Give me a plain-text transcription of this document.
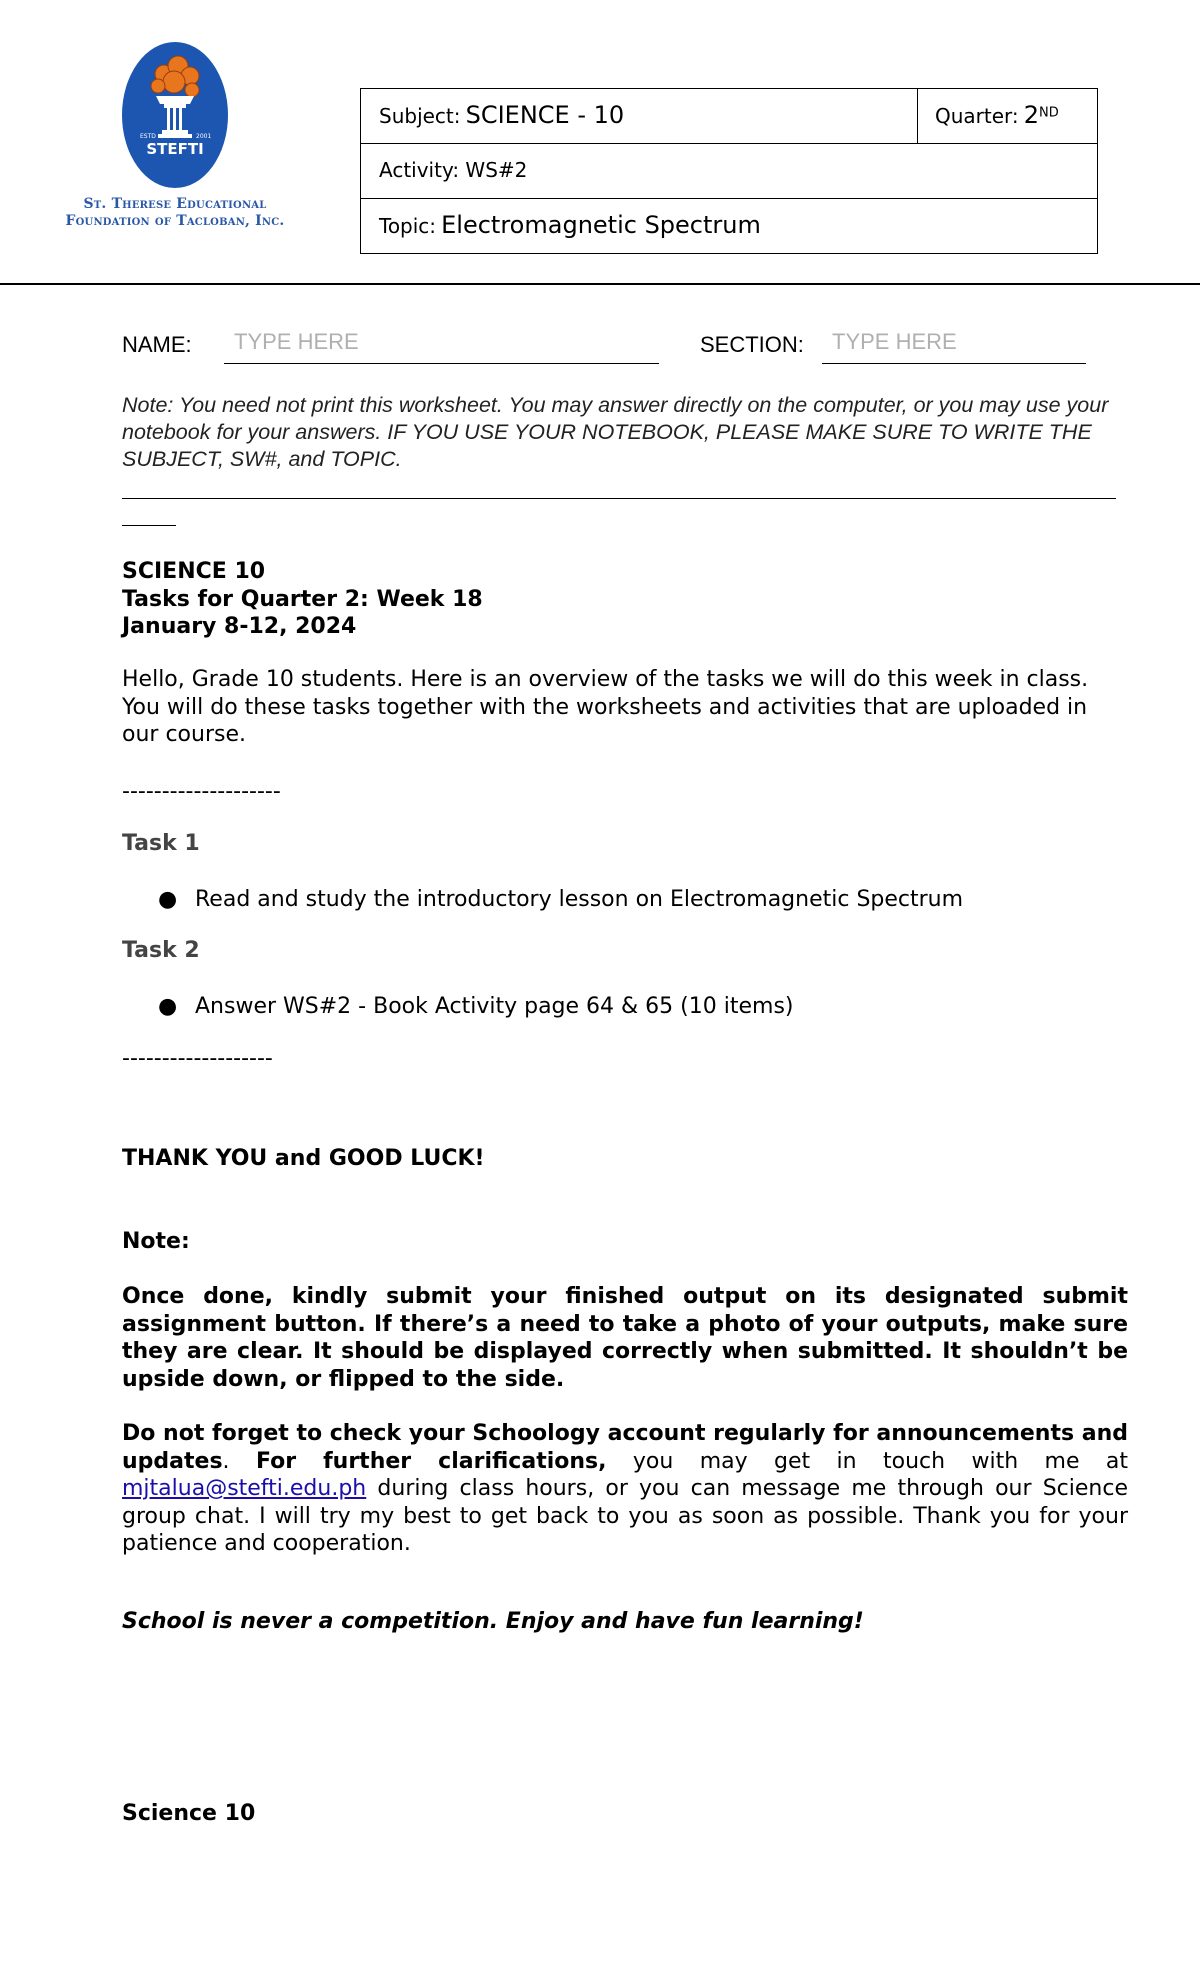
ESTD	2001
STEFTI
St. Therese Educational
Foundation of Tacloban, Inc.
Subject: SCIENCE - 10	Quarter: 2ND
Activity: WS#2
Topic: Electromagnetic Spectrum
NAME:
TYPE HERE	SECTION:
TYPE HERE
Note: You need not print this worksheet. You may answer directly on the computer, or you may use your notebook for your answers. IF YOU USE YOUR NOTEBOOK, PLEASE MAKE SURE TO WRITE THE SUBJECT, SW#, and TOPIC.
SCIENCE 10
Tasks for Quarter 2: Week 18
January 8-12, 2024
Hello, Grade 10 students. Here is an overview of the tasks we will do this week in class. You will do these tasks together with the worksheets and activities that are uploaded in our course.
--------------------
Task 1
● Read and study the introductory lesson on Electromagnetic Spectrum
Task 2
● Answer WS#2 - Book Activity page 64 & 65 (10 items)
-------------------
THANK YOU and GOOD LUCK!
Note:
Once done, kindly submit your finished output on its designated submit assignment button. If there’s a need to take a photo of your outputs, make sure they are clear. It should be displayed correctly when submitted. It shouldn’t be upside down, or flipped to the side.
Do not forget to check your Schoology account regularly for announcements and updates. For further clarifications, you may get in touch with me at mjtalua@stefti.edu.ph during class hours, or you can message me through our Science group chat. I will try my best to get back to you as soon as possible. Thank you for your patience and cooperation.
School is never a competition. Enjoy and have fun learning!
Science 10
